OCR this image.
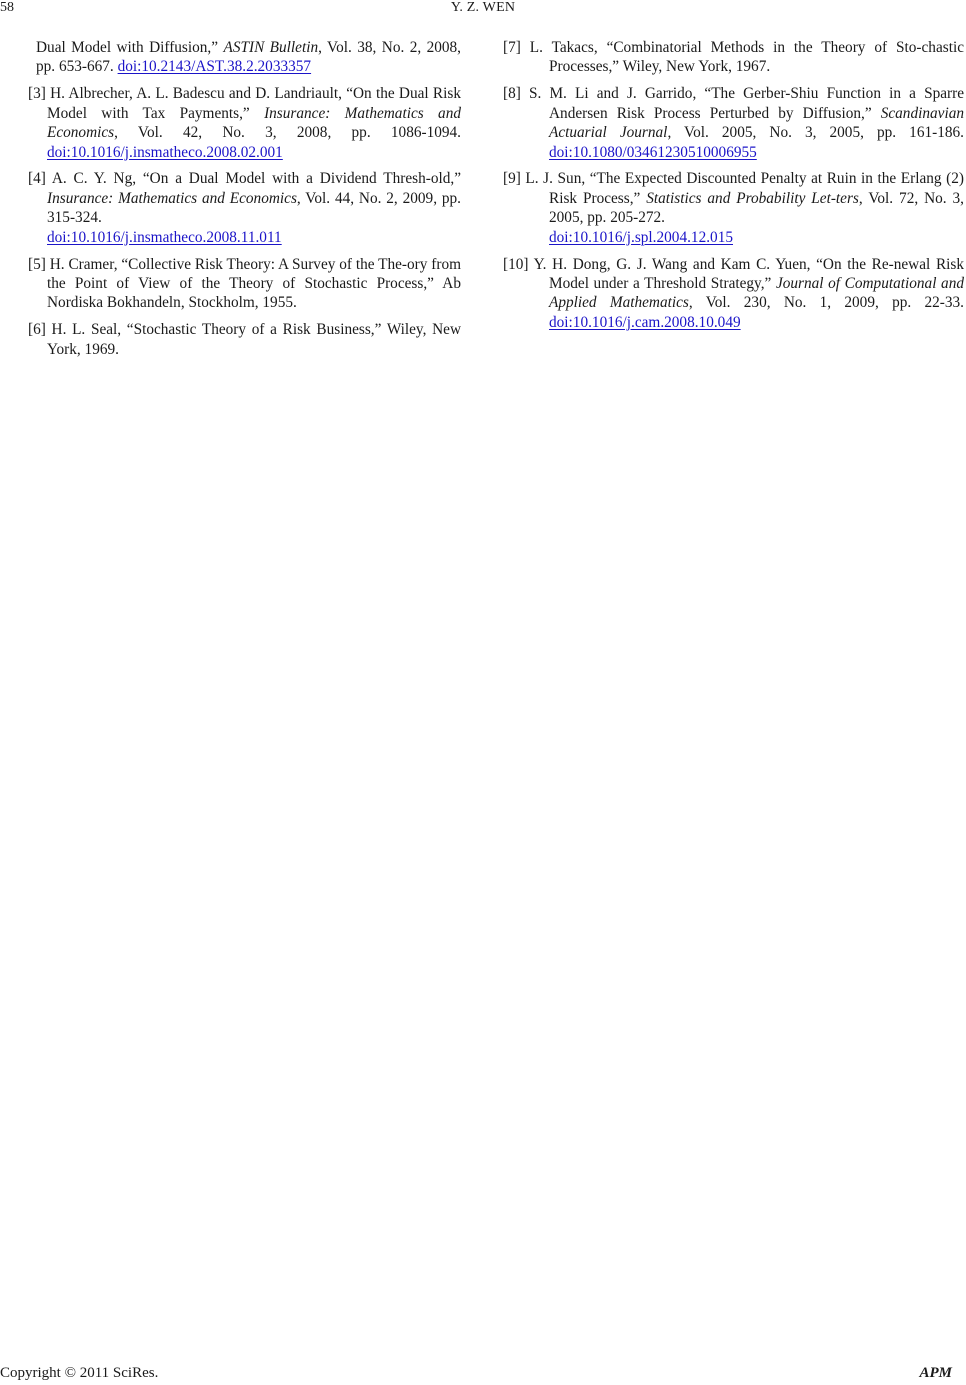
58	Y. Z. WEN

Dual Model with Diffusion,” ASTIN Bulletin, Vol. 38, No. 2, 2008, pp. 653-667. doi:10.2143/AST.38.2.2033357

[3] H. Albrecher, A. L. Badescu and D. Landriault, “On the Dual Risk Model with Tax Payments,” Insurance: Mathematics and Economics, Vol. 42, No. 3, 2008, pp. 1086-1094. doi:10.1016/j.insmatheco.2008.02.001

[4] A. C. Y. Ng, “On a Dual Model with a Dividend Thresh-old,” Insurance: Mathematics and Economics, Vol. 44, No. 2, 2009, pp. 315-324.
doi:10.1016/j.insmatheco.2008.11.011

[5] H. Cramer, “Collective Risk Theory: A Survey of the The-ory from the Point of View of the Theory of Stochastic Process,” Ab Nordiska Bokhandeln, Stockholm, 1955.

[6] H. L. Seal, “Stochastic Theory of a Risk Business,” Wiley, New York, 1969.

[7] L. Takacs, “Combinatorial Methods in the Theory of Sto-chastic Processes,” Wiley, New York, 1967.

[8] S. M. Li and J. Garrido, “The Gerber-Shiu Function in a Sparre Andersen Risk Process Perturbed by Diffusion,” Scandinavian Actuarial Journal, Vol. 2005, No. 3, 2005, pp. 161-186. doi:10.1080/03461230510006955

[9] L. J. Sun, “The Expected Discounted Penalty at Ruin in the Erlang (2) Risk Process,” Statistics and Probability Let-ters, Vol. 72, No. 3, 2005, pp. 205-272.
doi:10.1016/j.spl.2004.12.015

[10] Y. H. Dong, G. J. Wang and Kam C. Yuen, “On the Re-newal Risk Model under a Threshold Strategy,” Journal of Computational and Applied Mathematics, Vol. 230, No. 1, 2009, pp. 22-33. doi:10.1016/j.cam.2008.10.049

Copyright © 2011 SciRes.	APM
